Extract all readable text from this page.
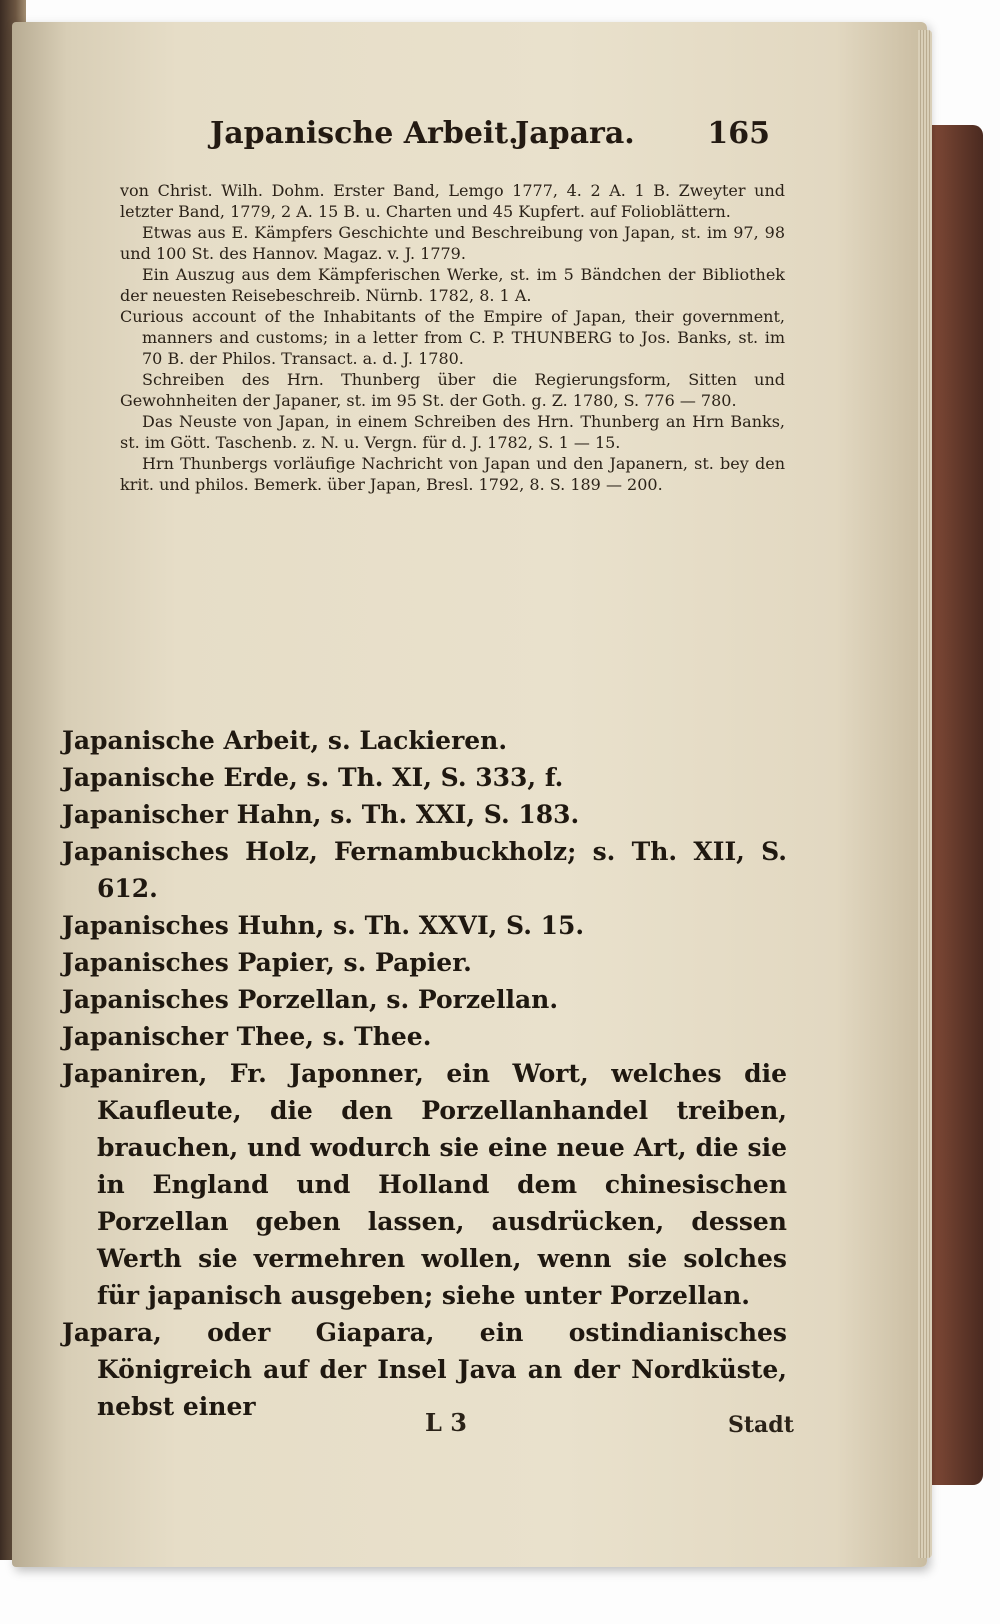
Japanische Arbeit.
Japara. 165

von Christ. Wilh. Dohm. Erster Band, Lemgo 1777, 4. 2 A. 1 B. Zweyter und letzter Band, 1779, 2 A. 15 B. u. Charten und 45 Kupfert. auf Folioblättern.

Etwas aus E. Kämpfers Geschichte und Beschreibung von Japan, st. im 97, 98 und 100 St. des Hannov. Magaz. v. J. 1779.

Ein Auszug aus dem Kämpferischen Werke, st. im 5 Bändchen der Bibliothek der neuesten Reisebeschreib. Nürnb. 1782, 8. 1 A.

Curious account of the Inhabitants of the Empire of Japan, their government, manners and customs; in a letter from C. P. THUNBERG to Jos. Banks, st. im 70 B. der Philos. Transact. a. d. J. 1780.

Schreiben des Hrn. Thunberg über die Regierungsform, Sitten und Gewohnheiten der Japaner, st. im 95 St. der Goth. g. Z. 1780, S. 776 — 780.

Das Neuste von Japan, in einem Schreiben des Hrn. Thunberg an Hrn Banks, st. im Gött. Taschenb. z. N. u. Vergn. für d. J. 1782, S. 1 — 15.

Hrn Thunbergs vorläufige Nachricht von Japan und den Japanern, st. bey den krit. und philos. Bemerk. über Japan, Bresl. 1792, 8. S. 189 — 200.

Japanische Arbeit, s. Lackieren.

Japanische Erde, s. Th. XI, S. 333, f.

Japanischer Hahn, s. Th. XXI, S. 183.

Japanisches Holz, Fernambuckholz; s. Th. XII, S. 612.

Japanisches Huhn, s. Th. XXVI, S. 15.

Japanisches Papier, s. Papier.

Japanisches Porzellan, s. Porzellan.

Japanischer Thee, s. Thee.

Japaniren, Fr. Japonner, ein Wort, welches die Kaufleute, die den Porzellanhandel treiben, brauchen, und wodurch sie eine neue Art, die sie in England und Holland dem chinesischen Porzellan geben lassen, ausdrücken, dessen Werth sie vermehren wollen, wenn sie solches für japanisch ausgeben; siehe unter Porzellan.

Japara, oder Giapara, ein ostindianisches Königreich auf der Insel Java an der Nordküste, nebst einer

L 3	Stadt
